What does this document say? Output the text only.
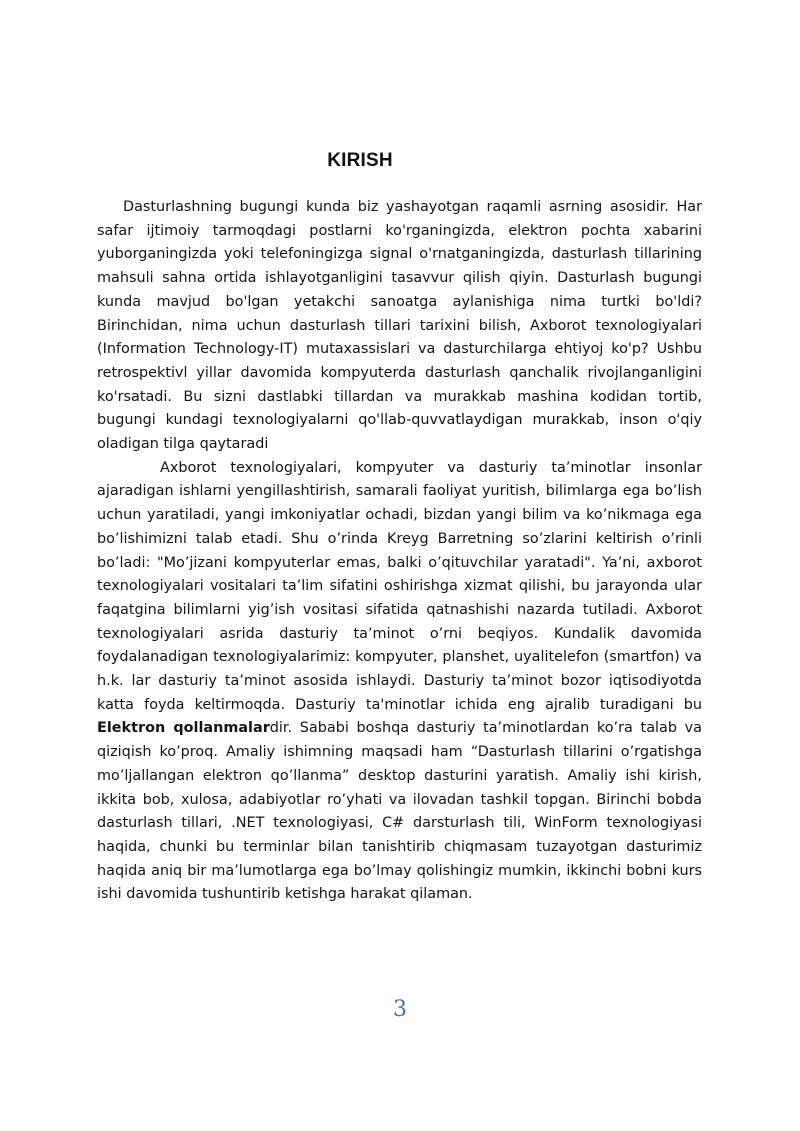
KIRISH

Dasturlashning bugungi kunda biz yashayotgan raqamli asrning asosidir. Har safar ijtimoiy tarmoqdagi postlarni ko'rganingizda, elektron pochta xabarini yuborganingizda yoki telefoningizga signal o'rnatganingizda, dasturlash tillarining mahsuli sahna ortida ishlayotganligini tasavvur qilish qiyin. Dasturlash bugungi kunda mavjud bo'lgan yetakchi sanoatga aylanishiga nima turtki bo'ldi? Birinchidan, nima uchun dasturlash tillari tarixini bilish, Axborot texnologiyalari (Information Technology-IT) mutaxassislari va dasturchilarga ehtiyoj ko'p? Ushbu retrospektivl yillar davomida kompyuterda dasturlash qanchalik rivojlanganligini ko'rsatadi. Bu sizni dastlabki tillardan va murakkab mashina kodidan tortib, bugungi kundagi texnologiyalarni qo'llab-quvvatlaydigan murakkab, inson o'qiy oladigan tilga qaytaradi

Axborot texnologiyalari, kompyuter va dasturiy ta’minotlar insonlar ajaradigan ishlarni yengillashtirish, samarali faoliyat yuritish, bilimlarga ega bo’lish uchun yaratiladi, yangi imkoniyatlar ochadi, bizdan yangi bilim va ko’nikmaga ega bo’lishimizni talab etadi. Shu o’rinda Kreyg Barretning so’zlarini keltirish o’rinli bo’ladi: "Mo’jizani kompyuterlar emas, balki o’qituvchilar yaratadi". Ya’ni, axborot texnologiyalari vositalari ta’lim sifatini oshirishga xizmat qilishi, bu jarayonda ular faqatgina bilimlarni yig’ish vositasi sifatida qatnashishi nazarda tutiladi. Axborot texnologiyalari asrida dasturiy ta’minot o’rni beqiyos. Kundalik davomida foydalanadigan texnologiyalarimiz: kompyuter, planshet, uyalitelefon (smartfon) va h.k. lar dasturiy ta’minot asosida ishlaydi. Dasturiy ta’minot bozor iqtisodiyotda katta foyda keltirmoqda. Dasturiy ta'minotlar ichida eng ajralib turadigani bu Elektron qollanmalardir. Sababi boshqa dasturiy ta’minotlardan ko’ra talab va qiziqish ko’proq. Amaliy ishimning maqsadi ham “Dasturlash tillarini o’rgatishga mo’ljallangan elektron qo’llanma” desktop dasturini yaratish. Amaliy ishi kirish, ikkita bob, xulosa, adabiyotlar ro’yhati va ilovadan tashkil topgan. Birinchi bobda dasturlash tillari, .NET texnologiyasi, C# darsturlash tili, WinForm texnologiyasi haqida, chunki bu terminlar bilan tanishtirib chiqmasam tuzayotgan dasturimiz haqida aniq bir ma’lumotlarga ega bo’lmay qolishingiz mumkin, ikkinchi bobni kurs ishi davomida tushuntirib ketishga harakat qilaman.

3
